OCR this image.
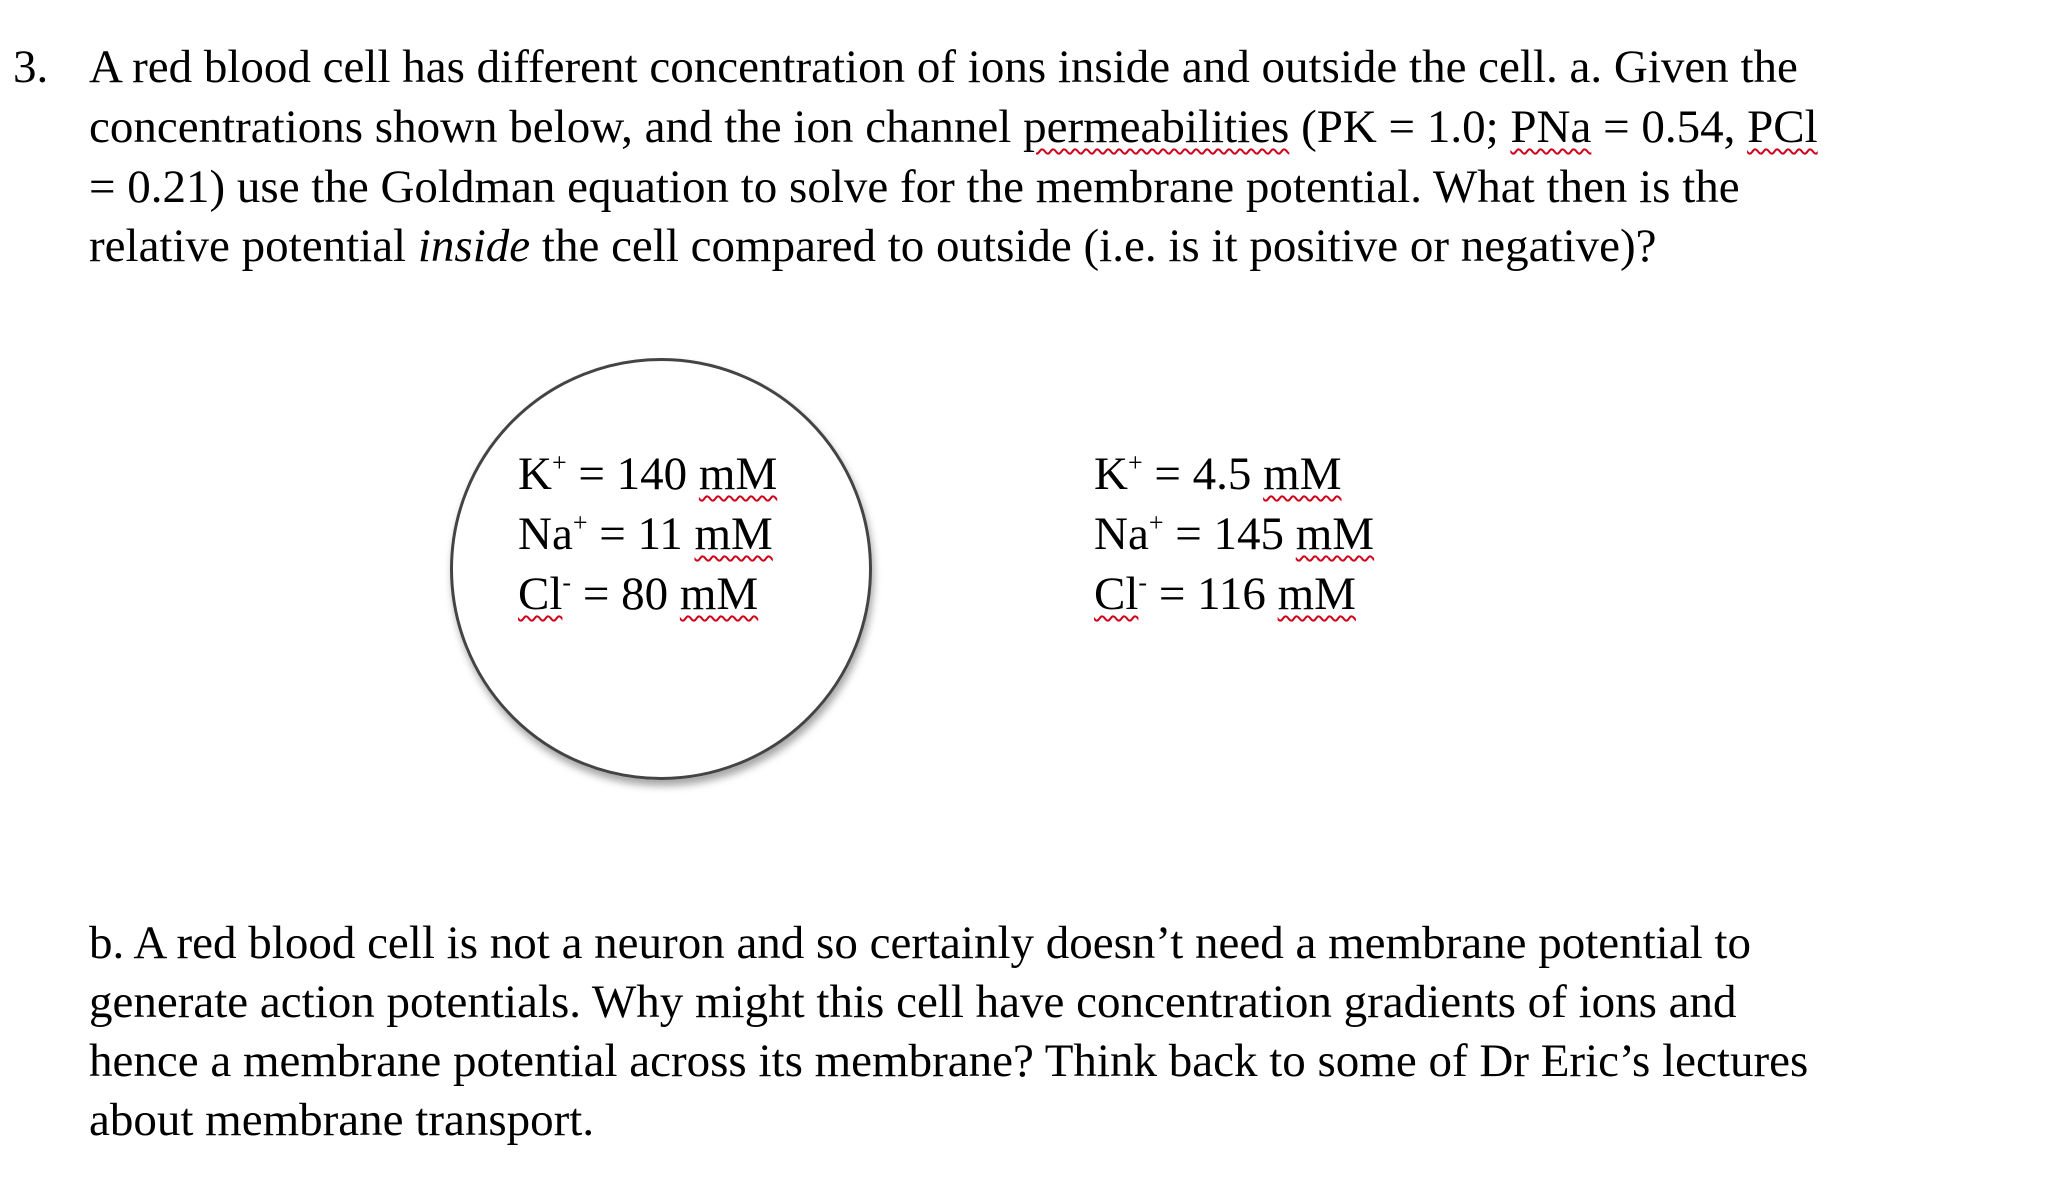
3. A red blood cell has different concentration of ions inside and outside the cell. a. Given the
concentrations shown below, and the ion channel permeabilities (PK = 1.0; PNa = 0.54, PCl
= 0.21) use the Goldman equation to solve for the membrane potential. What then is the
relative potential inside the cell compared to outside (i.e. is it positive or negative)?
b. A red blood cell is not a neuron and so certainly doesn’t need a membrane potential to
generate action potentials. Why might this cell have concentration gradients of ions and
hence a membrane potential across its membrane? Think back to some of Dr Eric’s lectures
about membrane transport.
K+ = 140 mM
Na+ = 11 mM
Cl- = 80 mM
K+ = 4.5 mM
Na+ = 145 mM
Cl- = 116 mM
